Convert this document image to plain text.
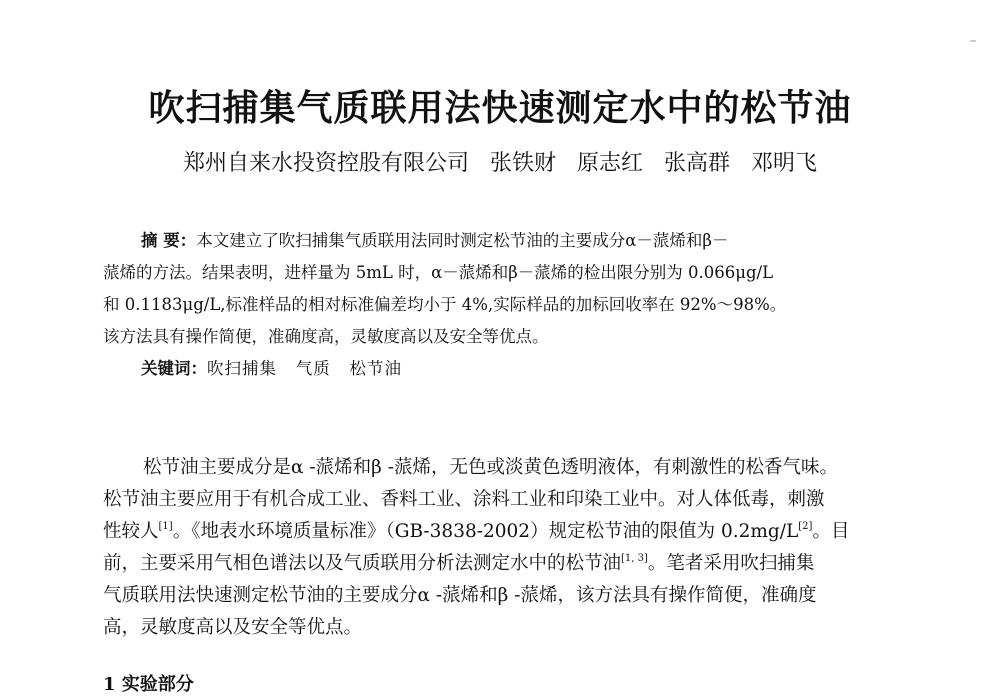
吹扫捕集气质联用法快速测定水中的松节油
郑州自来水投资控股有限公司   张铁财   原志红   张高群   邓明飞
摘 要：本文建立了吹扫捕集气质联用法同时测定松节油的主要成分α－蒎烯和β－
蒎烯的方法。结果表明，进样量为 5mL 时，α－蒎烯和β－蒎烯的检出限分别为 0.066μg/L
和 0.1183μg/L,标准样品的相对标准偏差均小于 4%,实际样品的加标回收率在 92%～98%。
该方法具有操作简便，准确度高，灵敏度高以及安全等优点。
关键词：吹扫捕集   气质   松节油
松节油主要成分是α -蒎烯和β -蒎烯，无色或淡黄色透明液体，有刺激性的松香气味。
松节油主要应用于有机合成工业、香料工业、涂料工业和印染工业中。对人体低毒，刺激
性较人[1]。《地表水环境质量标准》（GB-3838-2002）规定松节油的限值为 0.2mg/L[2]。目
前，主要采用气相色谱法以及气质联用分析法测定水中的松节油[1, 3]。笔者采用吹扫捕集
气质联用法快速测定松节油的主要成分α -蒎烯和β -蒎烯，该方法具有操作简便，准确度
高，灵敏度高以及安全等优点。
1 实验部分
